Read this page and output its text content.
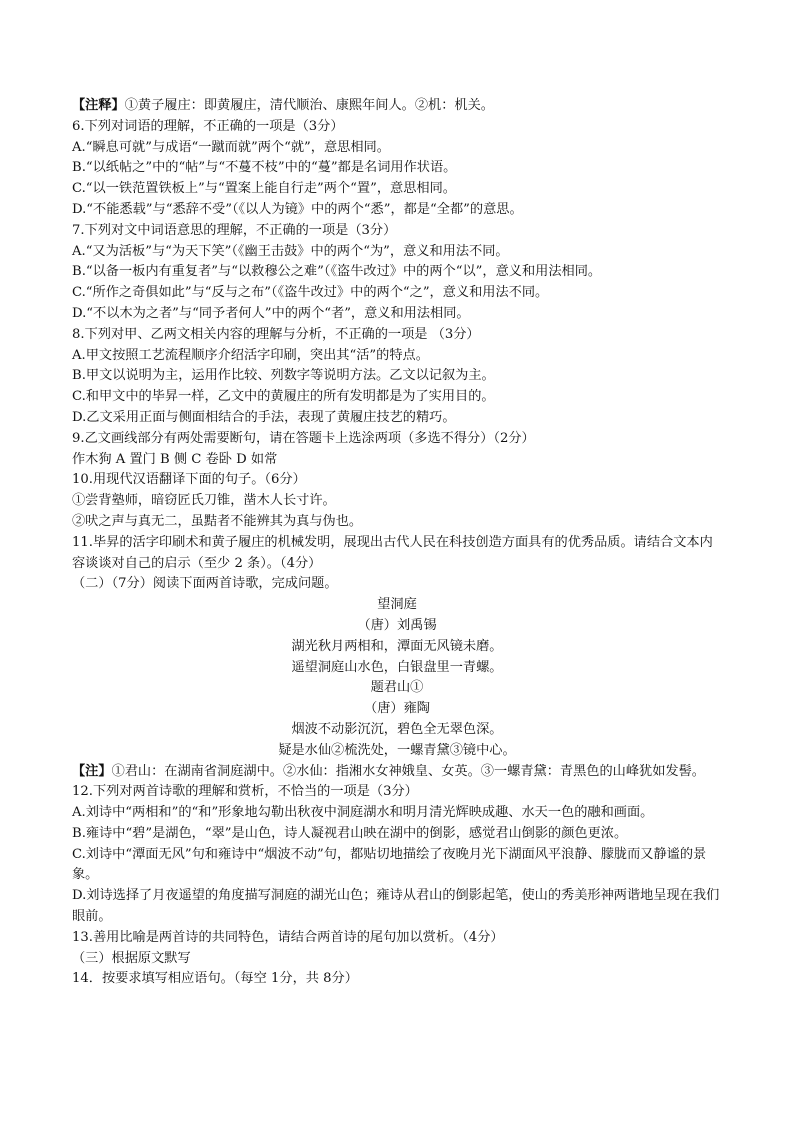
【注释】①黄子履庄：即黄履庄，清代顺治、康熙年间人。②机：机关。
6.下列对词语的理解，不正确的一项是（3分）
A.“瞬息可就”与成语“一蹴而就”两个“就”，意思相同。
B.“以纸帖之”中的“帖”与“不蔓不枝”中的“蔓”都是名词用作状语。
C.“以一铁范置铁板上”与“置案上能自行走”两个“置”，意思相同。
D.“不能悉载”与“悉辞不受”（《以人为镜》中的两个“悉”，都是“全都”的意思。
7.下列对文中词语意思的理解，不正确的一项是（3分）
A.“又为活板”与“为天下笑”（《幽王击鼓》中的两个“为”，意义和用法不同。
B.“以备一板内有重复者”与“以救穆公之难”（《盗牛改过》中的两个“以”，意义和用法相同。
C.“所作之奇俱如此”与“反与之布”（《盗牛改过》中的两个“之”，意义和用法不同。
D.“不以木为之者”与“同予者何人”中的两个“者”，意义和用法相同。
8.下列对甲、乙两文相关内容的理解与分析，不正确的一项是 （3分）
A.甲文按照工艺流程顺序介绍活字印刷，突出其“活”的特点。
B.甲文以说明为主，运用作比较、列数字等说明方法。乙文以记叙为主。
C.和甲文中的毕昇一样，乙文中的黄履庄的所有发明都是为了实用目的。
D.乙文采用正面与侧面相结合的手法，表现了黄履庄技艺的精巧。
9.乙文画线部分有两处需要断句，请在答题卡上选涂两项（多选不得分）（2分）
作木狗 A 置门 B 侧 C 卷卧 D 如常
10.用现代汉语翻译下面的句子。（6分）
①尝背塾师，暗窃匠氏刀锥，凿木人长寸许。
②吠之声与真无二，虽黠者不能辨其为真与伪也。
11.毕昇的活字印刷术和黄子履庄的机械发明，展现出古代人民在科技创造方面具有的优秀品质。请结合文本内容谈谈对自己的启示（至少 2 条）。（4分）
（二）（7分）阅读下面两首诗歌，完成问题。
望洞庭
（唐）刘禹锡
湖光秋月两相和，潭面无风镜未磨。
遥望洞庭山水色，白银盘里一青螺。
题君山①
（唐）雍陶
烟波不动影沉沉，碧色全无翠色深。
疑是水仙②梳洗处，一螺青黛③镜中心。
【注】①君山：在湖南省洞庭湖中。②水仙：指湘水女神娥皇、女英。③一螺青黛：青黑色的山峰犹如发髻。
12.下列对两首诗歌的理解和赏析，不恰当的一项是（3分）
A.刘诗中“两相和”的“和”形象地勾勒出秋夜中洞庭湖水和明月清光辉映成趣、水天一色的融和画面。
B.雍诗中“碧”是湖色，“翠”是山色，诗人凝视君山映在湖中的倒影，感觉君山倒影的颜色更浓。
C.刘诗中“潭面无风”句和雍诗中“烟波不动”句，都贴切地描绘了夜晚月光下湖面风平浪静、朦胧而又静谧的景象。
D.刘诗选择了月夜遥望的角度描写洞庭的湖光山色；雍诗从君山的倒影起笔，使山的秀美形神两谐地呈现在我们眼前。
13.善用比喻是两首诗的共同特色，请结合两首诗的尾句加以赏析。（4分）
（三）根据原文默写
14．按要求填写相应语句。（每空 1分，共 8分）
